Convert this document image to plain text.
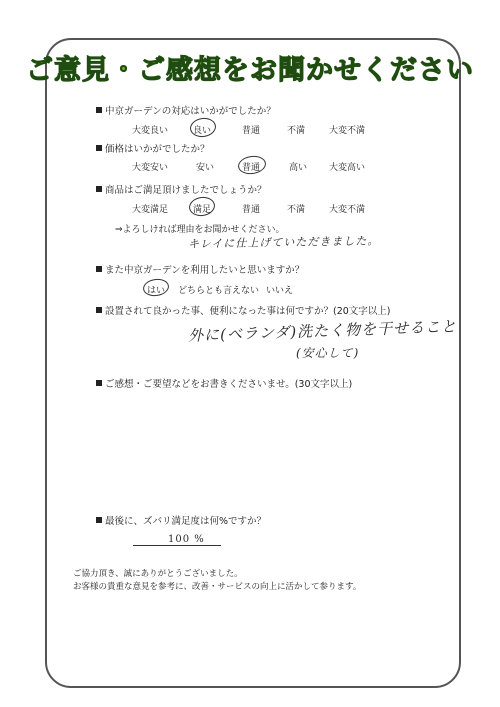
ご意見・ご感想をお聞かせください
中京ガーデンの対応はいかがでしたか？
大変良い	良い	普通	不満	大変不満
価格はいかがでしたか？
大変安い	安い	普通	高い 大変高い
商品はご満足頂けましたでしょうか？
大変満足	満足	普通	不満	大変不満
⇒よろしければ理由をお聞かせください。
キレイに仕上げていただきました。
また中京ガーデンを利用したいと思いますか？
はい どちらとも言えない いいえ
設置されて良かった事、便利になった事は何ですか？(20文字以上)
外に(ベランダ)洗たく物を干せること
(安心して)
ご感想・ご要望などをお書きくださいませ。(30文字以上)
最後に、ズバリ満足度は何%ですか？
100 %
ご協力頂き、誠にありがとうございました。
お客様の貴重な意見を参考に、改善・サービスの向上に活かして参ります。
